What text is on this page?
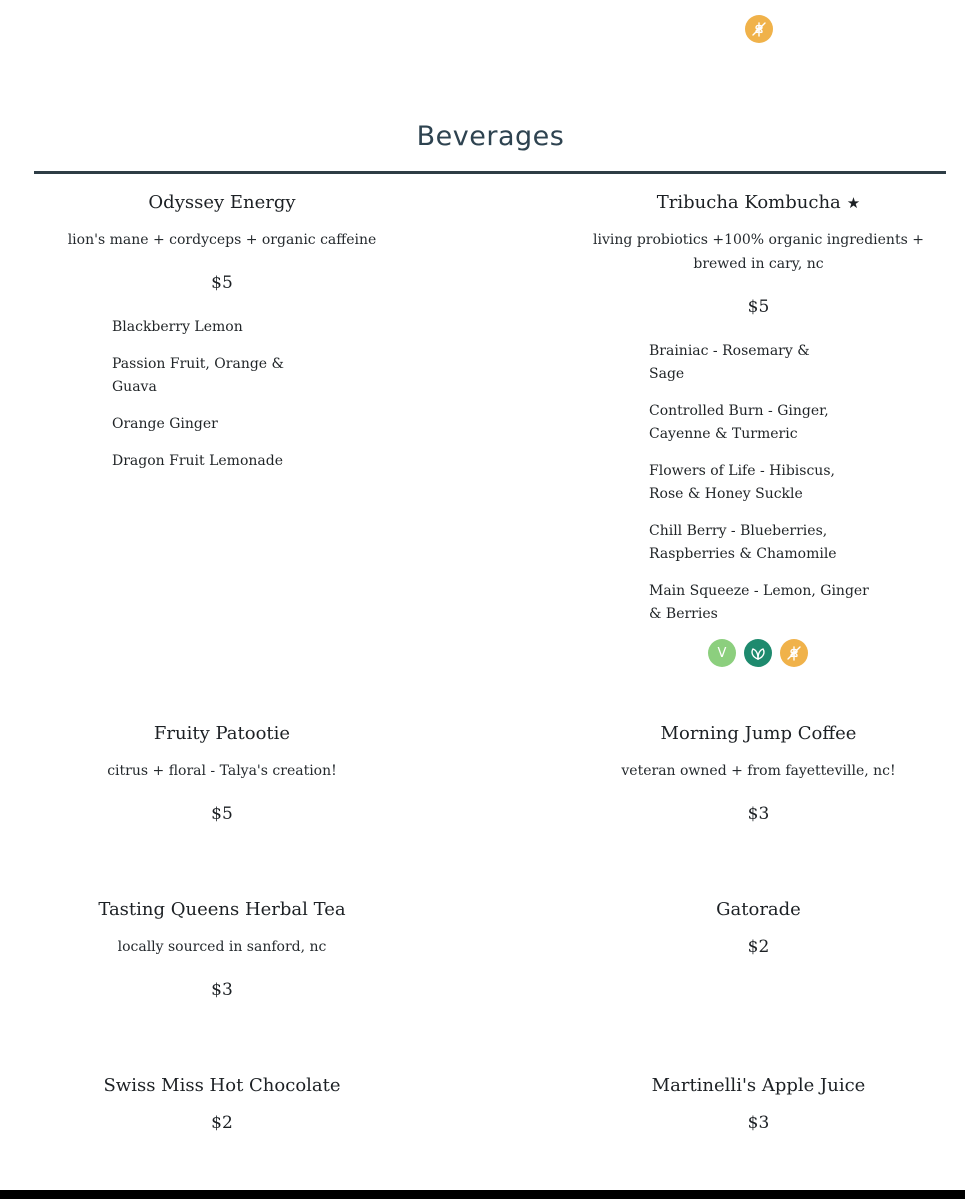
Beverages
Odyssey Energy
lion's mane + cordyceps + organic caffeine
$5
Blackberry Lemon
Passion Fruit, Orange & Guava
Orange Ginger
Dragon Fruit Lemonade
Tribucha Kombucha ★
living probiotics +100% organic ingredients + brewed in cary, nc
$5
Brainiac - Rosemary & Sage
Controlled Burn - Ginger, Cayenne & Turmeric
Flowers of Life - Hibiscus, Rose & Honey Suckle
Chill Berry - Blueberries, Raspberries & Chamomile
Main Squeeze - Lemon, Ginger & Berries
V
Fruity Patootie
citrus + floral - Talya's creation!
$5
Morning Jump Coffee
veteran owned + from fayetteville, nc!
$3
Tasting Queens Herbal Tea
locally sourced in sanford, nc
$3
Gatorade
$2
Swiss Miss Hot Chocolate
$2
Martinelli's Apple Juice
$3
